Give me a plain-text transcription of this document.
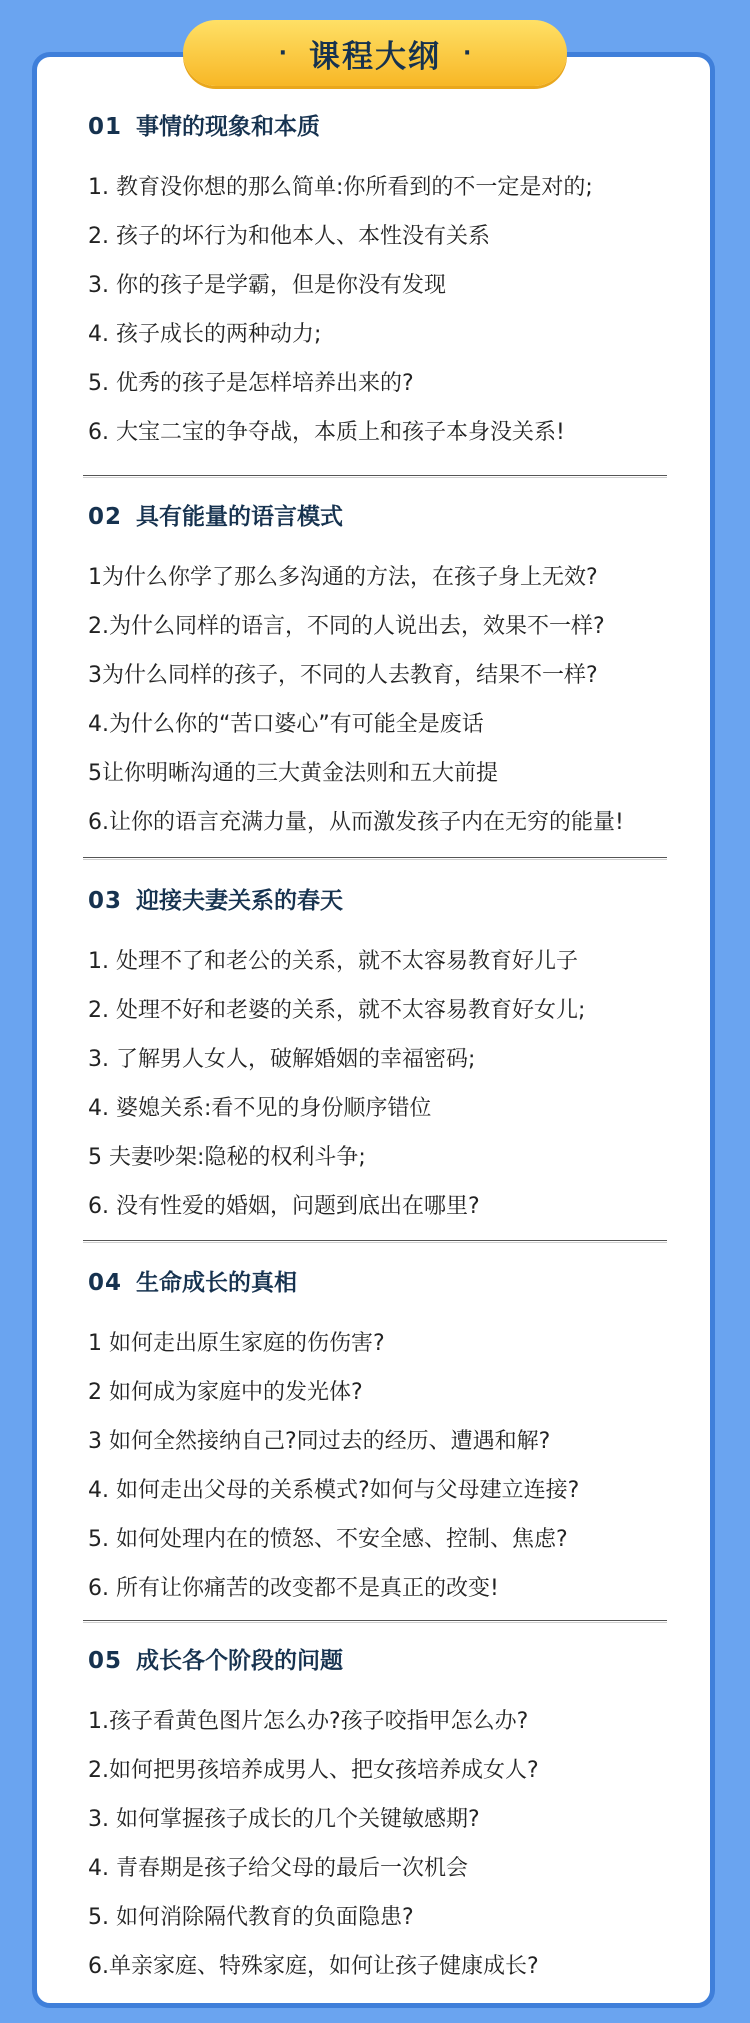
· 课程大纲 ·
01 事情的现象和本质
1. 教育没你想的那么简单:你所看到的不一定是对的;
2. 孩子的坏行为和他本人、本性没有关系
3. 你的孩子是学霸，但是你没有发现
4. 孩子成长的两种动力;
5. 优秀的孩子是怎样培养出来的?
6. 大宝二宝的争夺战，本质上和孩子本身没关系!
02 具有能量的语言模式
1为什么你学了那么多沟通的方法，在孩子身上无效?
2.为什么同样的语言，不同的人说出去，效果不一样?
3为什么同样的孩子，不同的人去教育，结果不一样?
4.为什么你的“苦口婆心”有可能全是废话
5让你明晰沟通的三大黄金法则和五大前提
6.让你的语言充满力量，从而激发孩子内在无穷的能量!
03 迎接夫妻关系的春天
1. 处理不了和老公的关系，就不太容易教育好儿子
2. 处理不好和老婆的关系，就不太容易教育好女儿;
3. 了解男人女人，破解婚姻的幸福密码;
4. 婆媳关系:看不见的身份顺序错位
5 夫妻吵架:隐秘的权利斗争;
6. 没有性爱的婚姻，问题到底出在哪里?
04 生命成长的真相
1 如何走出原生家庭的伤伤害?
2 如何成为家庭中的发光体?
3 如何全然接纳自己?同过去的经历、遭遇和解?
4. 如何走出父母的关系模式?如何与父母建立连接?
5. 如何处理内在的愤怒、不安全感、控制、焦虑?
6. 所有让你痛苦的改变都不是真正的改变!
05 成长各个阶段的问题
1.孩子看黄色图片怎么办?孩子咬指甲怎么办?
2.如何把男孩培养成男人、把女孩培养成女人?
3. 如何掌握孩子成长的几个关键敏感期?
4. 青春期是孩子给父母的最后一次机会
5. 如何消除隔代教育的负面隐患?
6.单亲家庭、特殊家庭，如何让孩子健康成长?
